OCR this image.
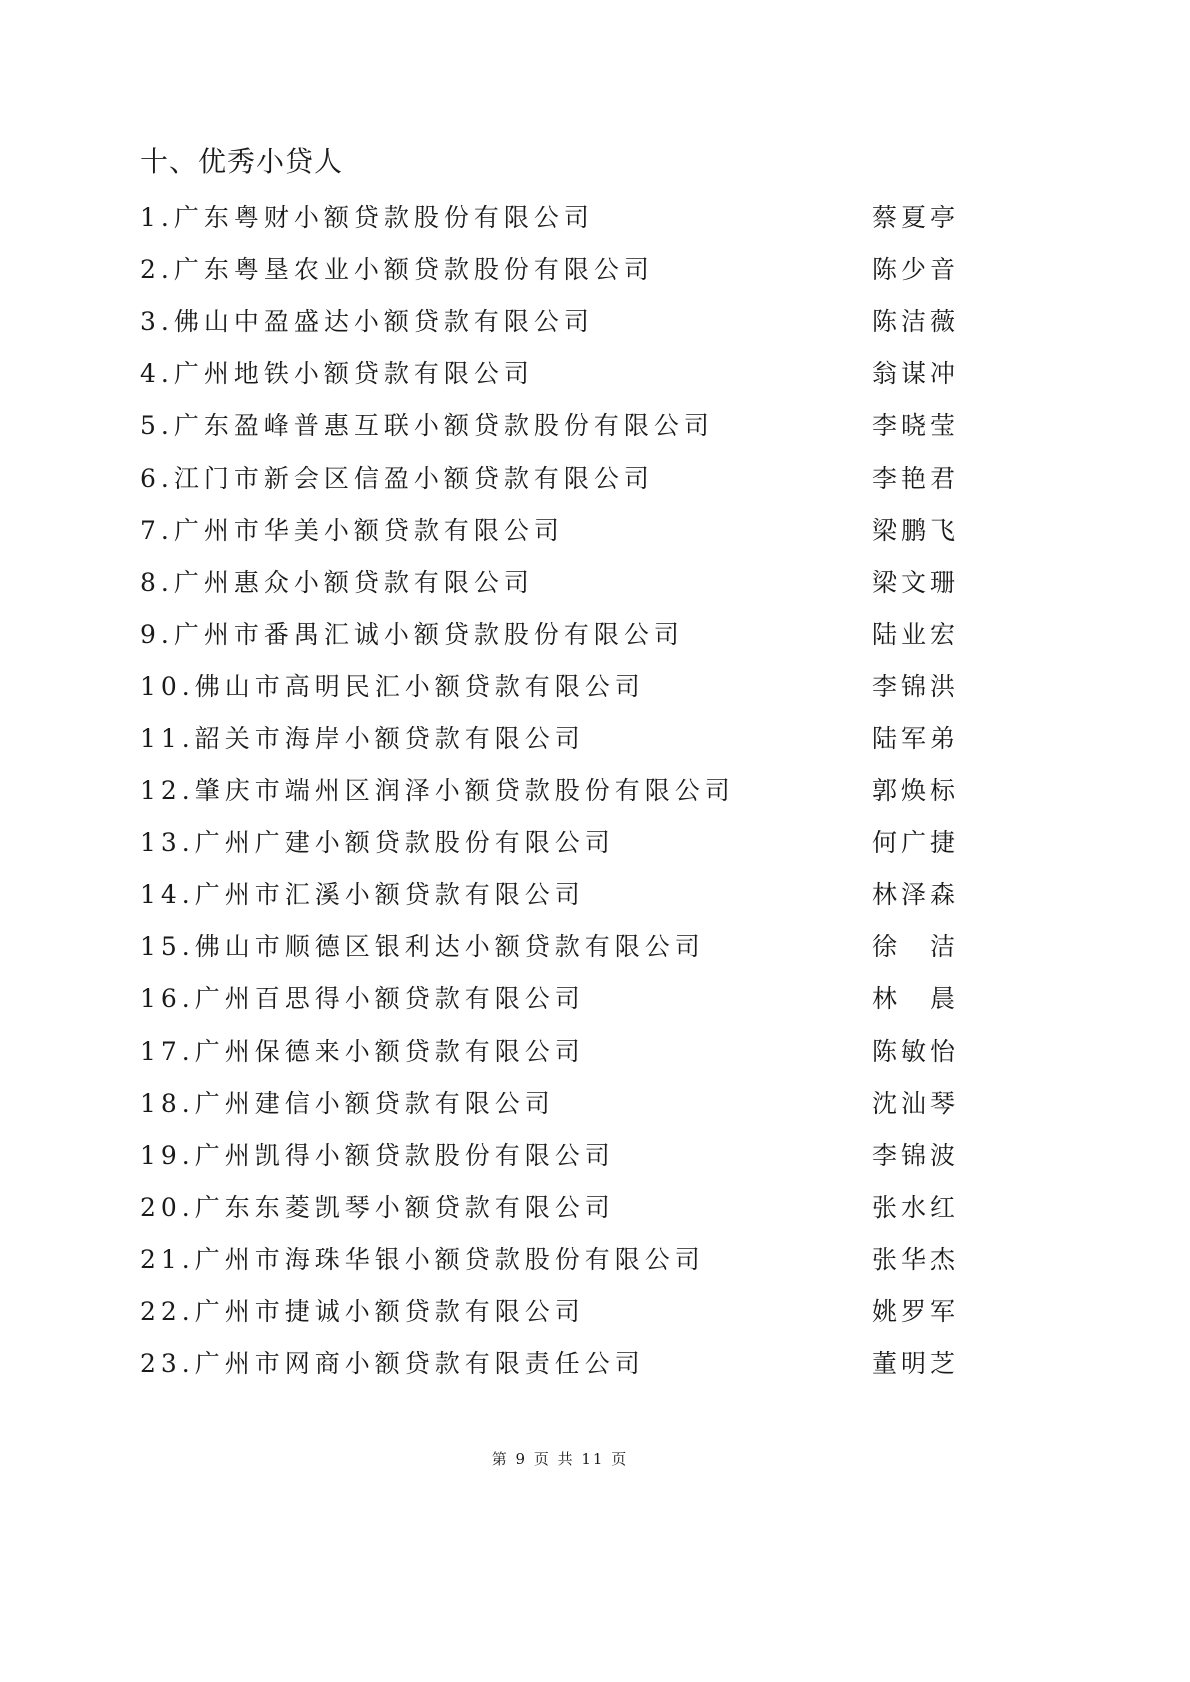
十、优秀小贷人
1.广东粤财小额贷款股份有限公司	蔡夏亭
2.广东粤垦农业小额贷款股份有限公司	陈少音
3.佛山中盈盛达小额贷款有限公司	陈洁薇
4.广州地铁小额贷款有限公司	翁谋冲
5.广东盈峰普惠互联小额贷款股份有限公司	李晓莹
6.江门市新会区信盈小额贷款有限公司	李艳君
7.广州市华美小额贷款有限公司	梁鹏飞
8.广州惠众小额贷款有限公司	梁文珊
9.广州市番禺汇诚小额贷款股份有限公司	陆业宏
10.佛山市高明民汇小额贷款有限公司	李锦洪
11.韶关市海岸小额贷款有限公司	陆军弟
12.肇庆市端州区润泽小额贷款股份有限公司	郭焕标
13.广州广建小额贷款股份有限公司	何广捷
14.广州市汇溪小额贷款有限公司	林泽森
15.佛山市顺德区银利达小额贷款有限公司	徐　洁
16.广州百思得小额贷款有限公司	林　晨
17.广州保德来小额贷款有限公司	陈敏怡
18.广州建信小额贷款有限公司	沈汕琴
19.广州凯得小额贷款股份有限公司	李锦波
20.广东东菱凯琴小额贷款有限公司	张水红
21.广州市海珠华银小额贷款股份有限公司	张华杰
22.广州市捷诚小额贷款有限公司	姚罗军
23.广州市网商小额贷款有限责任公司	董明芝
第 9 页 共 11 页
